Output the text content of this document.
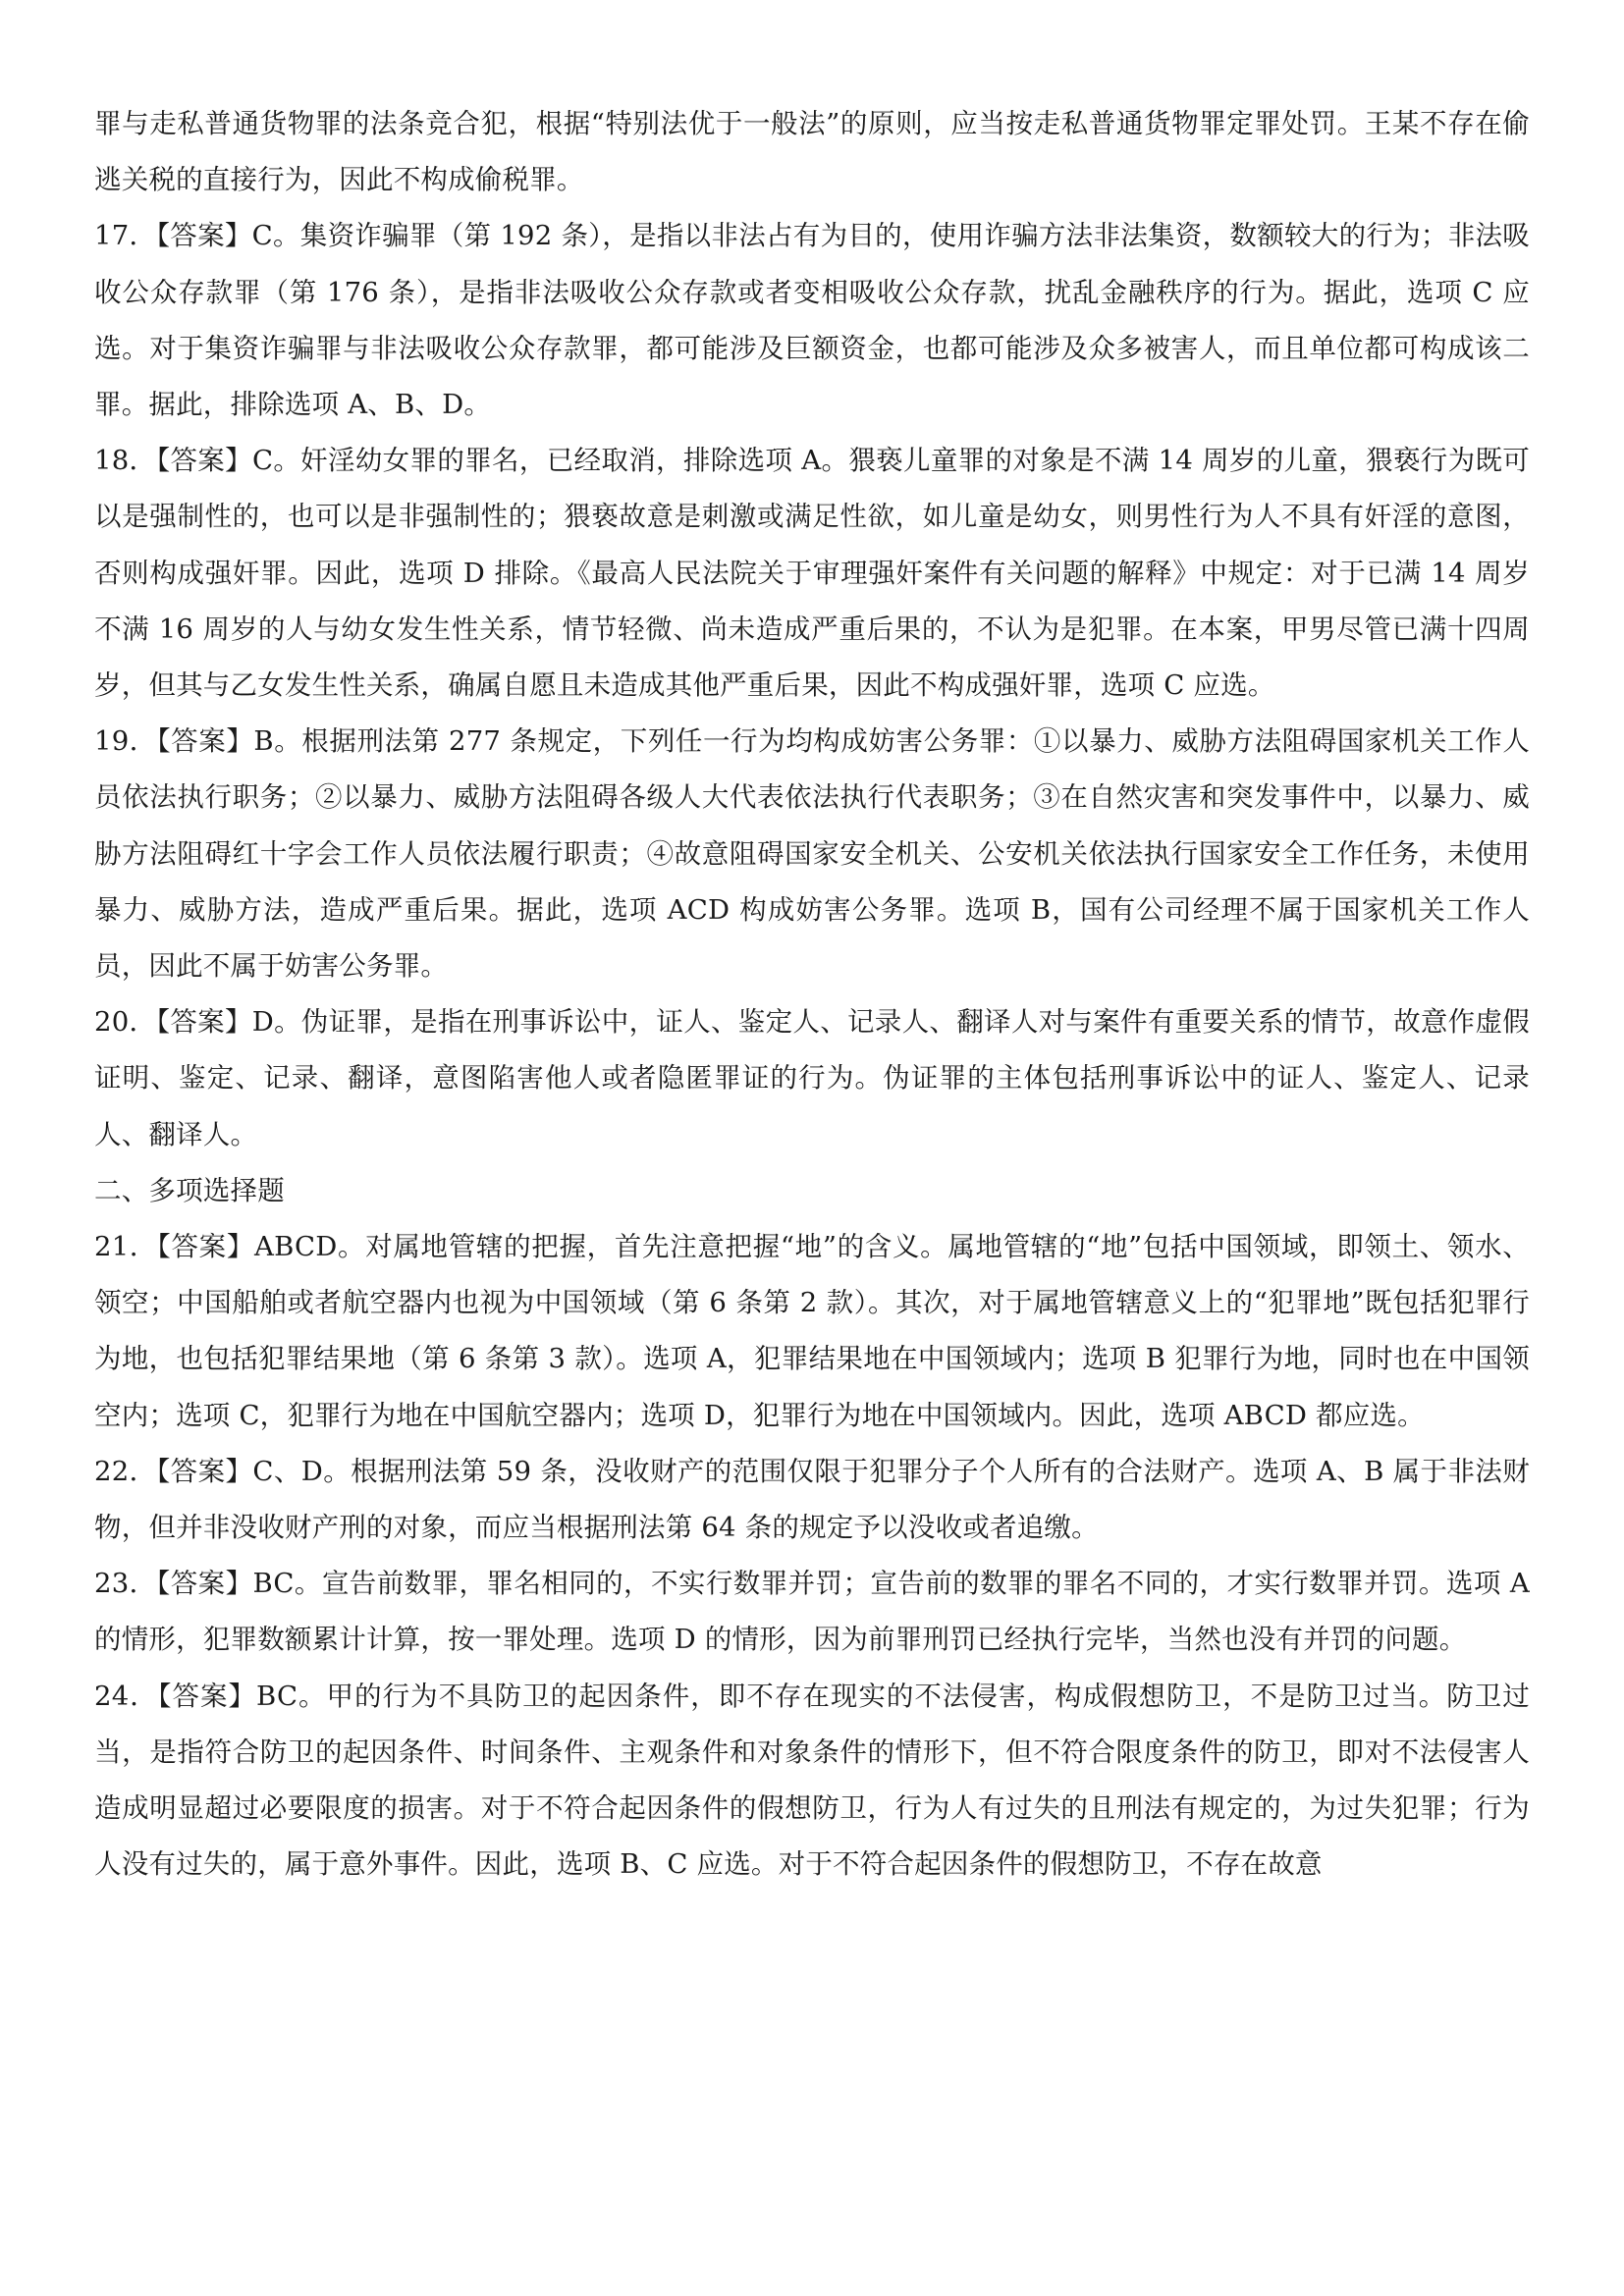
罪与走私普通货物罪的法条竞合犯，根据“特别法优于一般法”的原则，应当按走私普通货物罪定罪处罚。王某不存在偷逃关税的直接行为，因此不构成偷税罪。

17．【答案】C。集资诈骗罪（第 192 条），是指以非法占有为目的，使用诈骗方法非法集资，数额较大的行为；非法吸收公众存款罪（第 176 条），是指非法吸收公众存款或者变相吸收公众存款，扰乱金融秩序的行为。据此，选项 C 应选。对于集资诈骗罪与非法吸收公众存款罪，都可能涉及巨额资金，也都可能涉及众多被害人，而且单位都可构成该二罪。据此，排除选项 A、B、D。

18．【答案】C。奸淫幼女罪的罪名，已经取消，排除选项 A。猥亵儿童罪的对象是不满 14 周岁的儿童，猥亵行为既可以是强制性的，也可以是非强制性的；猥亵故意是刺激或满足性欲，如儿童是幼女，则男性行为人不具有奸淫的意图，否则构成强奸罪。因此，选项 D 排除。《最高人民法院关于审理强奸案件有关问题的解释》中规定：对于已满 14 周岁不满 16 周岁的人与幼女发生性关系，情节轻微、尚未造成严重后果的，不认为是犯罪。在本案，甲男尽管已满十四周岁，但其与乙女发生性关系，确属自愿且未造成其他严重后果，因此不构成强奸罪，选项 C 应选。

19．【答案】B。根据刑法第 277 条规定，下列任一行为均构成妨害公务罪：①以暴力、威胁方法阻碍国家机关工作人员依法执行职务；②以暴力、威胁方法阻碍各级人大代表依法执行代表职务；③在自然灾害和突发事件中，以暴力、威胁方法阻碍红十字会工作人员依法履行职责；④故意阻碍国家安全机关、公安机关依法执行国家安全工作任务，未使用暴力、威胁方法，造成严重后果。据此，选项 ACD 构成妨害公务罪。选项 B，国有公司经理不属于国家机关工作人员，因此不属于妨害公务罪。

20．【答案】D。伪证罪，是指在刑事诉讼中，证人、鉴定人、记录人、翻译人对与案件有重要关系的情节，故意作虚假证明、鉴定、记录、翻译，意图陷害他人或者隐匿罪证的行为。伪证罪的主体包括刑事诉讼中的证人、鉴定人、记录人、翻译人。

二、多项选择题

21．【答案】ABCD。对属地管辖的把握，首先注意把握“地”的含义。属地管辖的“地”包括中国领域，即领土、领水、领空；中国船舶或者航空器内也视为中国领域（第 6 条第 2 款）。其次，对于属地管辖意义上的“犯罪地”既包括犯罪行为地，也包括犯罪结果地（第 6 条第 3 款）。选项 A，犯罪结果地在中国领域内；选项 B 犯罪行为地，同时也在中国领空内；选项 C，犯罪行为地在中国航空器内；选项 D，犯罪行为地在中国领域内。因此，选项 ABCD 都应选。

22．【答案】C、D。根据刑法第 59 条，没收财产的范围仅限于犯罪分子个人所有的合法财产。选项 A、B 属于非法财物，但并非没收财产刑的对象，而应当根据刑法第 64 条的规定予以没收或者追缴。

23．【答案】BC。宣告前数罪，罪名相同的，不实行数罪并罚；宣告前的数罪的罪名不同的，才实行数罪并罚。选项 A 的情形，犯罪数额累计计算，按一罪处理。选项 D 的情形，因为前罪刑罚已经执行完毕，当然也没有并罚的问题。

24．【答案】BC。甲的行为不具防卫的起因条件，即不存在现实的不法侵害，构成假想防卫，不是防卫过当。防卫过当，是指符合防卫的起因条件、时间条件、主观条件和对象条件的情形下，但不符合限度条件的防卫，即对不法侵害人造成明显超过必要限度的损害。对于不符合起因条件的假想防卫，行为人有过失的且刑法有规定的，为过失犯罪；行为人没有过失的，属于意外事件。因此，选项 B、C 应选。对于不符合起因条件的假想防卫，不存在故意
